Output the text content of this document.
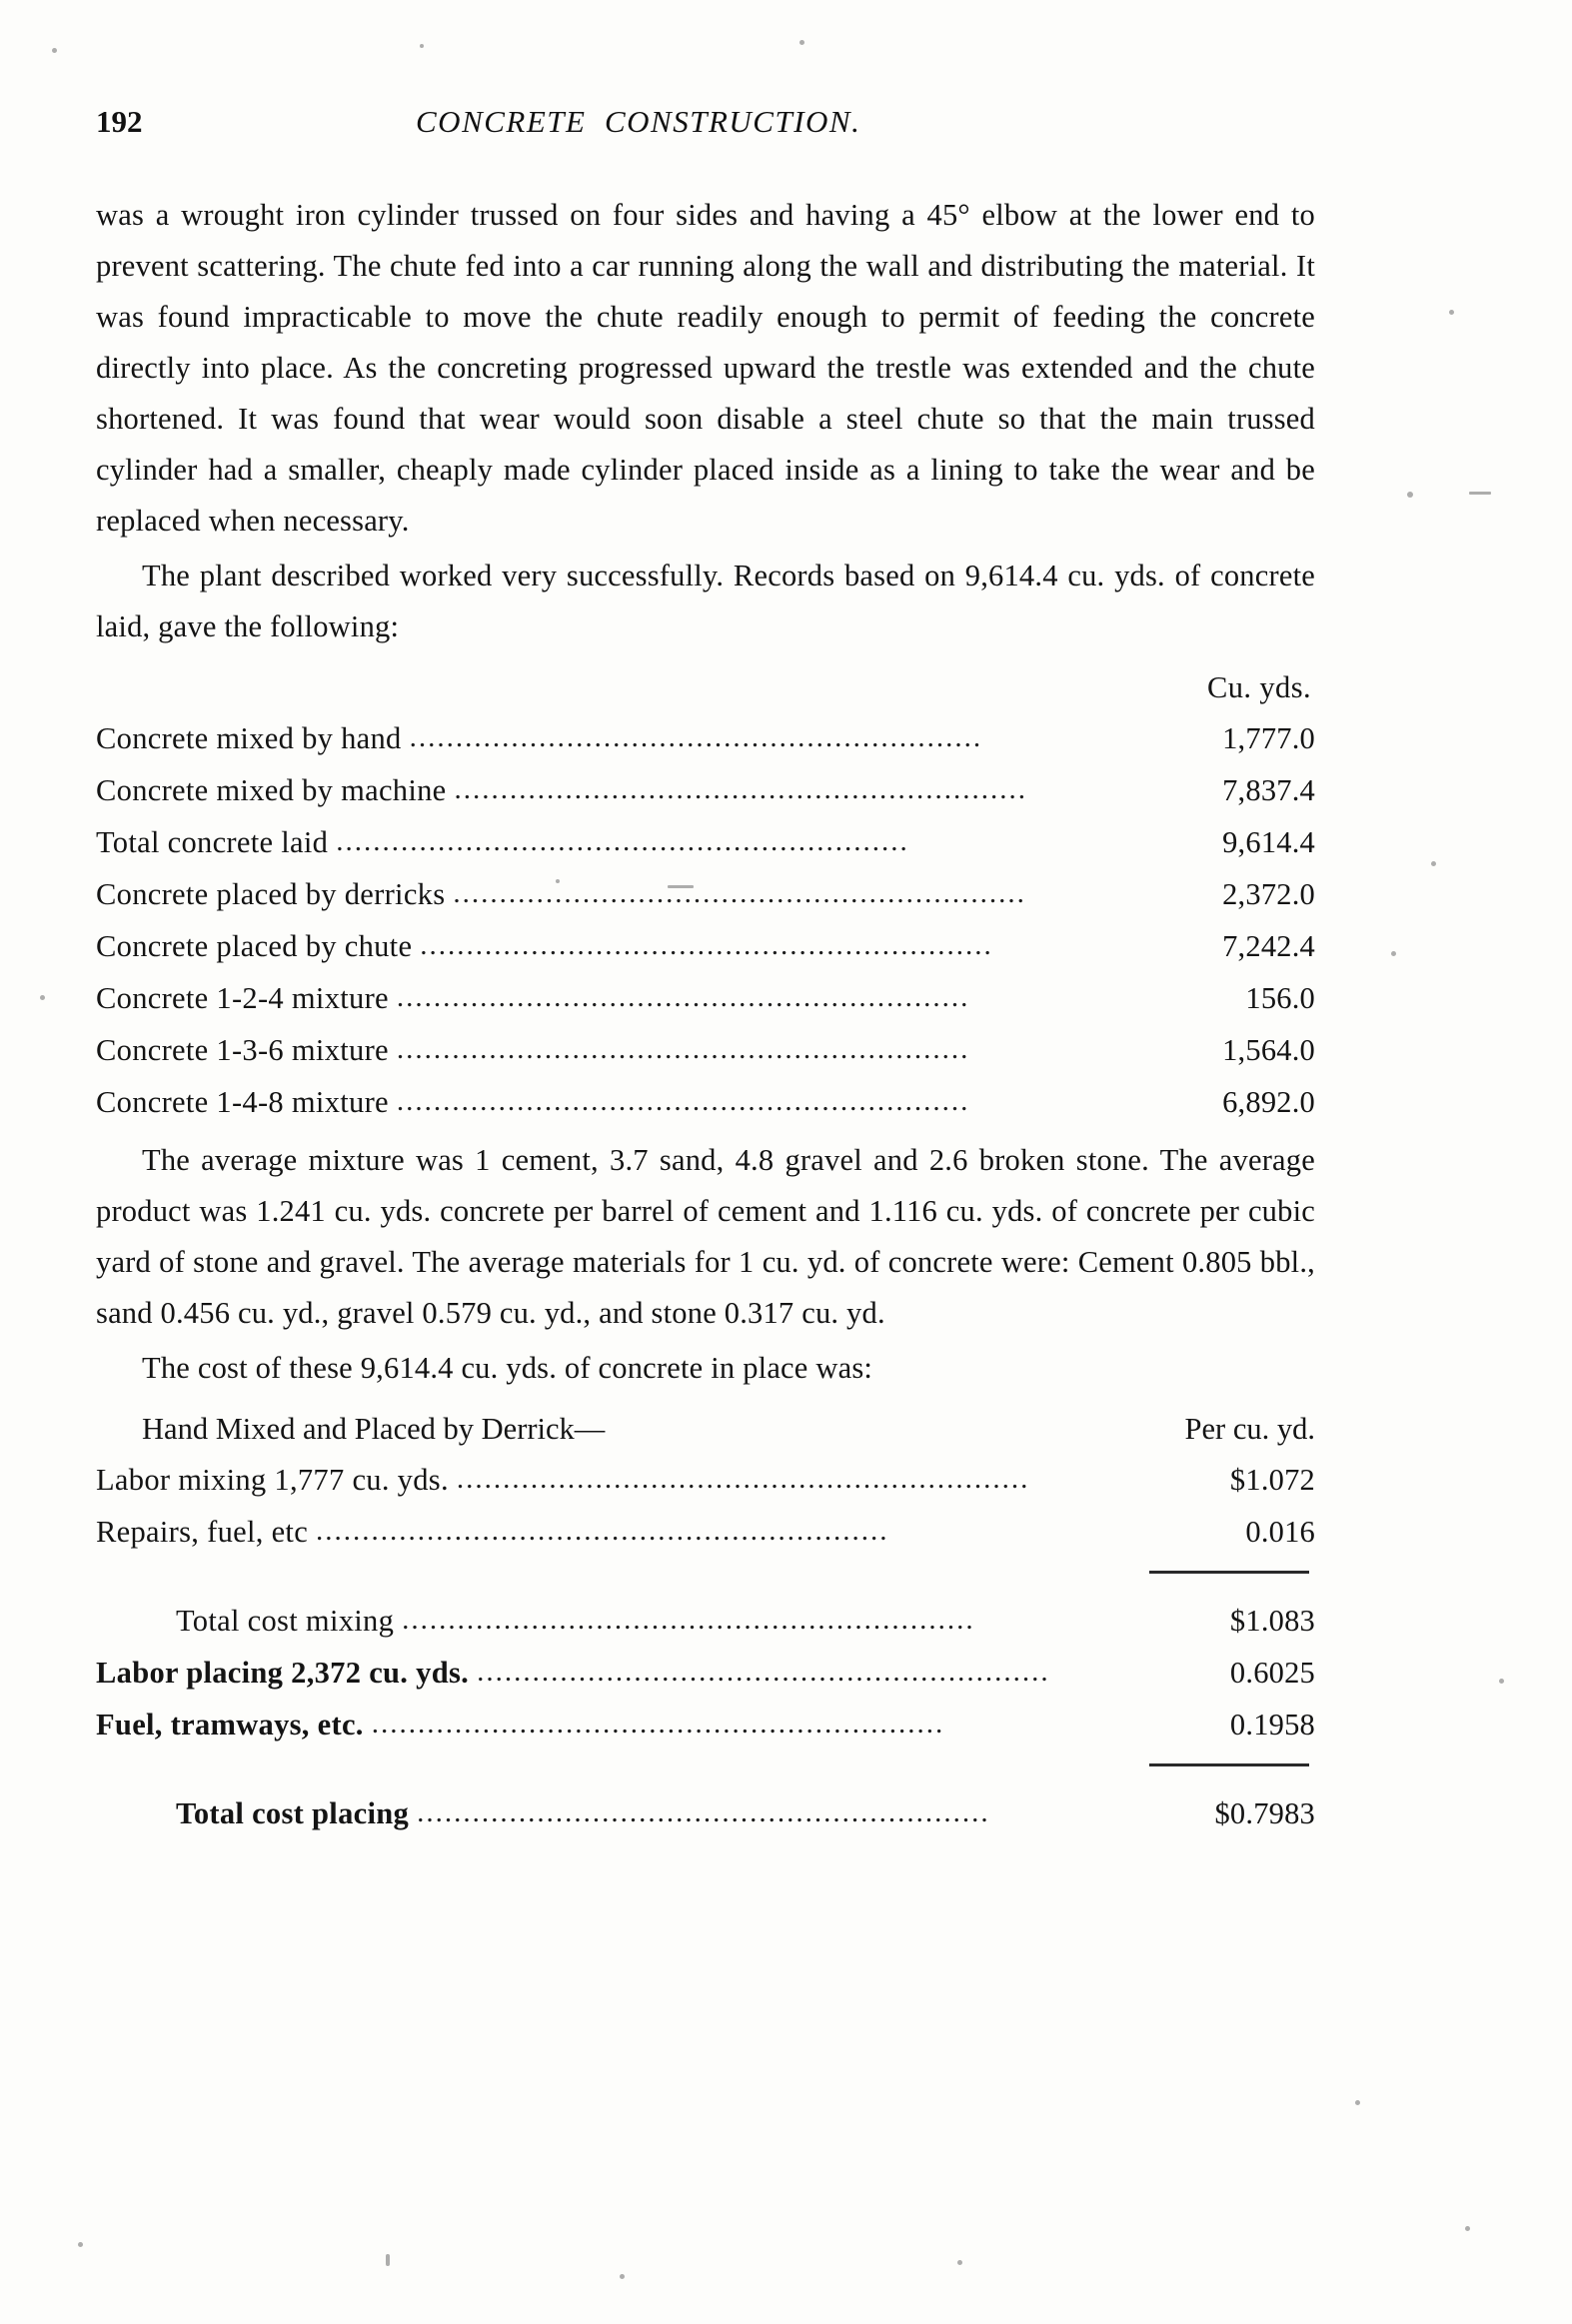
192	CONCRETE  CONSTRUCTION.

was a wrought iron cylinder trussed on four sides and having a 45° elbow at the lower end to prevent scattering. The chute fed into a car running along the wall and distributing the material. It was found impracticable to move the chute readily enough to permit of feeding the concrete directly into place. As the concreting progressed upward the trestle was extended and the chute shortened. It was found that wear would soon disable a steel chute so that the main trussed cylinder had a smaller, cheaply made cylinder placed inside as a lining to take the wear and be replaced when necessary.

The plant described worked very successfully. Records based on 9,614.4 cu. yds. of concrete laid, gave the following:

Cu. yds.
Concrete mixed by hand ..............................................................	1,777.0
Concrete mixed by machine ..............................................................	7,837.4
Total concrete laid ..............................................................	9,614.4
Concrete placed by derricks ..............................................................	2,372.0
Concrete placed by chute ..............................................................	7,242.4
Concrete 1-2-4 mixture ..............................................................	156.0
Concrete 1-3-6 mixture ..............................................................	1,564.0
Concrete 1-4-8 mixture ..............................................................	6,892.0

The average mixture was 1 cement, 3.7 sand, 4.8 gravel and 2.6 broken stone. The average product was 1.241 cu. yds. concrete per barrel of cement and 1.116 cu. yds. of concrete per cubic yard of stone and gravel. The average materials for 1 cu. yd. of concrete were: Cement 0.805 bbl., sand 0.456 cu. yd., gravel 0.579 cu. yd., and stone 0.317 cu. yd.

The cost of these 9,614.4 cu. yds. of concrete in place was:

Hand Mixed and Placed by Derrick—	Per cu. yd.
Labor mixing 1,777 cu. yds. ..............................................................	$1.072
Repairs, fuel, etc ..............................................................	0.016
Total cost mixing ..............................................................	$1.083
Labor placing 2,372 cu. yds. ..............................................................	0.6025
Fuel, tramways, etc. ..............................................................	0.1958
Total cost placing ..............................................................	$0.7983
